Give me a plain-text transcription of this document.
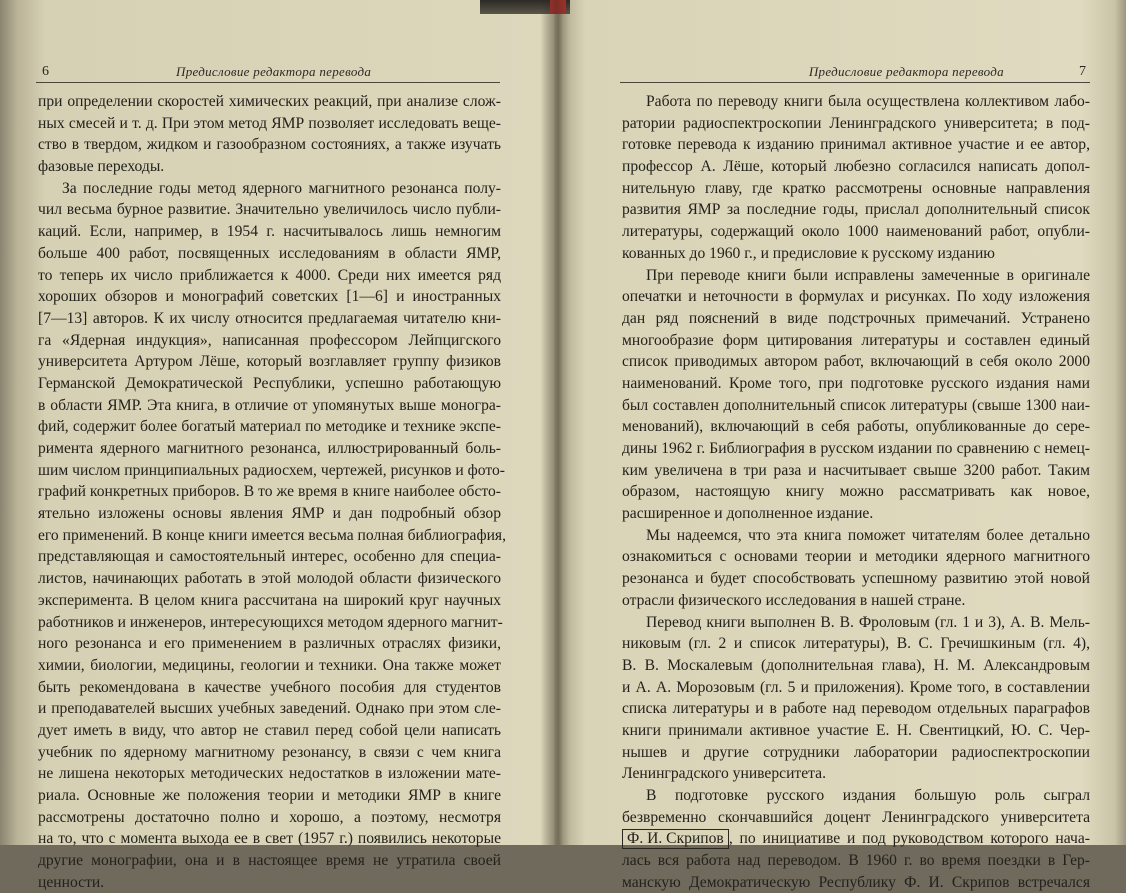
6	Предисловие редактора перевода
при определении скоростей химических реакций, при анализе слож-
ных смесей и т. д. При этом метод ЯМР позволяет исследовать веще-
ство в твердом, жидком и газообразном состояниях, а также изучать
фазовые переходы.
За последние годы метод ядерного магнитного резонанса полу-
чил весьма бурное развитие. Значительно увеличилось число публи-
каций. Если, например, в 1954 г. насчитывалось лишь немногим
больше 400 работ, посвященных исследованиям в области ЯМР,
то теперь их число приближается к 4000. Среди них имеется ряд
хороших обзоров и монографий советских [1—6] и иностранных
[7—13] авторов. К их числу относится предлагаемая читателю кни-
га «Ядерная индукция», написанная профессором Лейпцигского
университета Артуром Лёше, который возглавляет группу физиков
Германской Демократической Республики, успешно работающую
в области ЯМР. Эта книга, в отличие от упомянутых выше моногра-
фий, содержит более богатый материал по методике и технике экспе-
римента ядерного магнитного резонанса, иллюстрированный боль-
шим числом принципиальных радиосхем, чертежей, рисунков и фото-
графий конкретных приборов. В то же время в книге наиболее обсто-
ятельно изложены основы явления ЯМР и дан подробный обзор
его применений. В конце книги имеется весьма полная библиография,
представляющая и самостоятельный интерес, особенно для специа-
листов, начинающих работать в этой молодой области физического
эксперимента. В целом книга рассчитана на широкий круг научных
работников и инженеров, интересующихся методом ядерного магнит-
ного резонанса и его применением в различных отраслях физики,
химии, биологии, медицины, геологии и техники. Она также может
быть рекомендована в качестве учебного пособия для студентов
и преподавателей высших учебных заведений. Однако при этом сле-
дует иметь в виду, что автор не ставил перед собой цели написать
учебник по ядерному магнитному резонансу, в связи с чем книга
не лишена некоторых методических недостатков в изложении мате-
риала. Основные же положения теории и методики ЯМР в книге
рассмотрены достаточно полно и хорошо, а поэтому, несмотря
на то, что с момента выхода ее в свет (1957 г.) появились некоторые
другие монографии, она и в настоящее время не утратила своей
ценности.
Предисловие редактора перевода	7
Работа по переводу книги была осуществлена коллективом лабо-
ратории радиоспектроскопии Ленинградского университета; в под-
готовке перевода к изданию принимал активное участие и ее автор,
профессор А. Лёше, который любезно согласился написать допол-
нительную главу, где кратко рассмотрены основные направления
развития ЯМР за последние годы, прислал дополнительный список
литературы, содержащий около 1000 наименований работ, опубли-
кованных до 1960 г., и предисловие к русскому изданию
При переводе книги были исправлены замеченные в оригинале
опечатки и неточности в формулах и рисунках. По ходу изложения
дан ряд пояснений в виде подстрочных примечаний. Устранено
многообразие форм цитирования литературы и составлен единый
список приводимых автором работ, включающий в себя около 2000
наименований. Кроме того, при подготовке русского издания нами
был составлен дополнительный список литературы (свыше 1300 наи-
менований), включающий в себя работы, опубликованные до сере-
дины 1962 г. Библиография в русском издании по сравнению с немец-
ким увеличена в три раза и насчитывает свыше 3200 работ. Таким
образом, настоящую книгу можно рассматривать как новое,
расширенное и дополненное издание.
Мы надеемся, что эта книга поможет читателям более детально
ознакомиться с основами теории и методики ядерного магнитного
резонанса и будет способствовать успешному развитию этой новой
отрасли физического исследования в нашей стране.
Перевод книги выполнен В. В. Фроловым (гл. 1 и 3), А. В. Мель-
никовым (гл. 2 и список литературы), В. С. Гречишкиным (гл. 4),
В. В. Москалевым (дополнительная глава), Н. М. Александровым
и А. А. Морозовым (гл. 5 и приложения). Кроме того, в составлении
списка литературы и в работе над переводом отдельных параграфов
книги принимали активное участие Е. Н. Свентицкий, Ю. С. Чер-
нышев и другие сотрудники лаборатории радиоспектроскопии
Ленинградского университета.
В подготовке русского издания большую роль сыграл
безвременно скончавшийся доцент Ленинградского университета
Ф. И. Скрипов , по инициативе и под руководством которого нача-
лась вся работа над переводом. В 1960 г. во время поездки в Гер-
манскую Демократическую Республику Ф. И. Скрипов встречался
